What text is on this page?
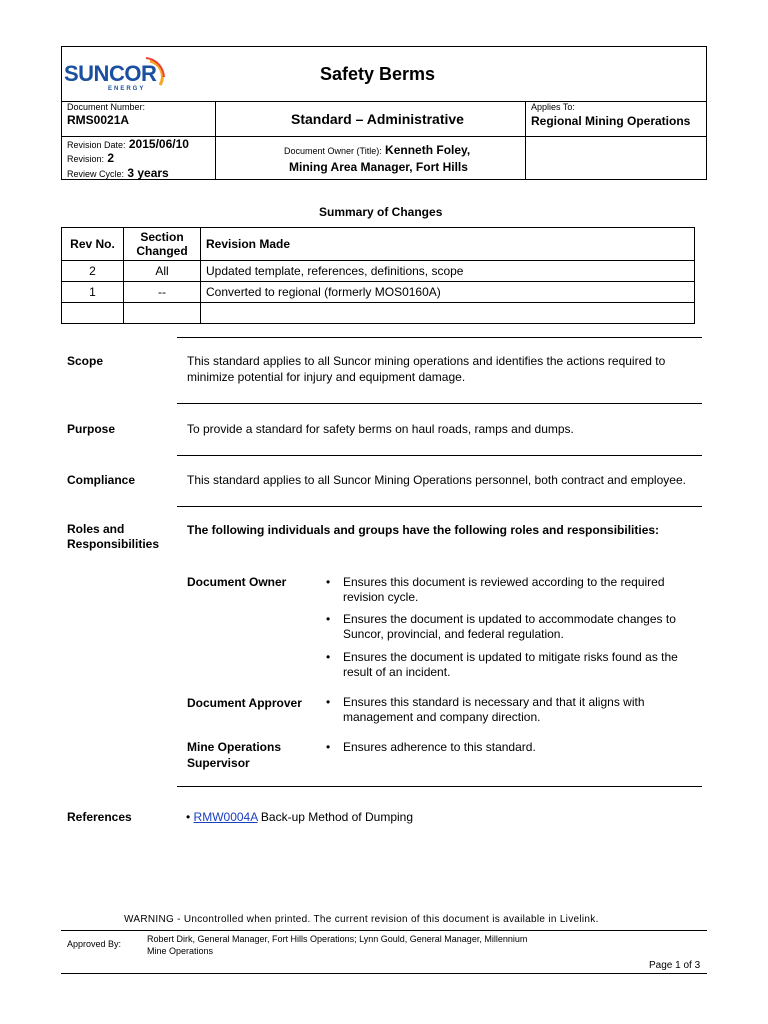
SUNCOR
ENERGY
Safety Berms
Document Number:
RMS0021A	Standard – Administrative
Applies To:
Regional Mining Operations
Revision Date: 2015/06/10
Revision: 2
Review Cycle: 3 years
Document Owner (Title): Kenneth Foley,
Mining Area Manager, Fort Hills
Summary of Changes
Rev No.	Section Changed	Revision Made
2	All	Updated template, references, definitions, scope
1	--	Converted to regional (formerly MOS0160A)

Scope	This standard applies to all Suncor mining operations and identifies the actions required to minimize potential for injury and equipment damage.
Purpose	To provide a standard for safety berms on haul roads, ramps and dumps.
Compliance	This standard applies to all Suncor Mining Operations personnel, both contract and employee.
Roles and Responsibilities
The following individuals and groups have the following roles and responsibilities:
Document Owner	• Ensures this document is reviewed according to the required revision cycle.
• Ensures the document is updated to accommodate changes to Suncor, provincial, and federal regulation.
• Ensures the document is updated to mitigate risks found as the result of an incident.
Document Approver • Ensures this standard is necessary and that it aligns with management and company direction.
Mine Operations Supervisor
• Ensures adherence to this standard.
References	• RMW0004A Back-up Method of Dumping
WARNING - Uncontrolled when printed. The current revision of this document is available in Livelink.
Approved By:	Robert Dirk, General Manager, Fort Hills Operations; Lynn Gould, General Manager, Millennium Mine Operations
Page 1 of 3
